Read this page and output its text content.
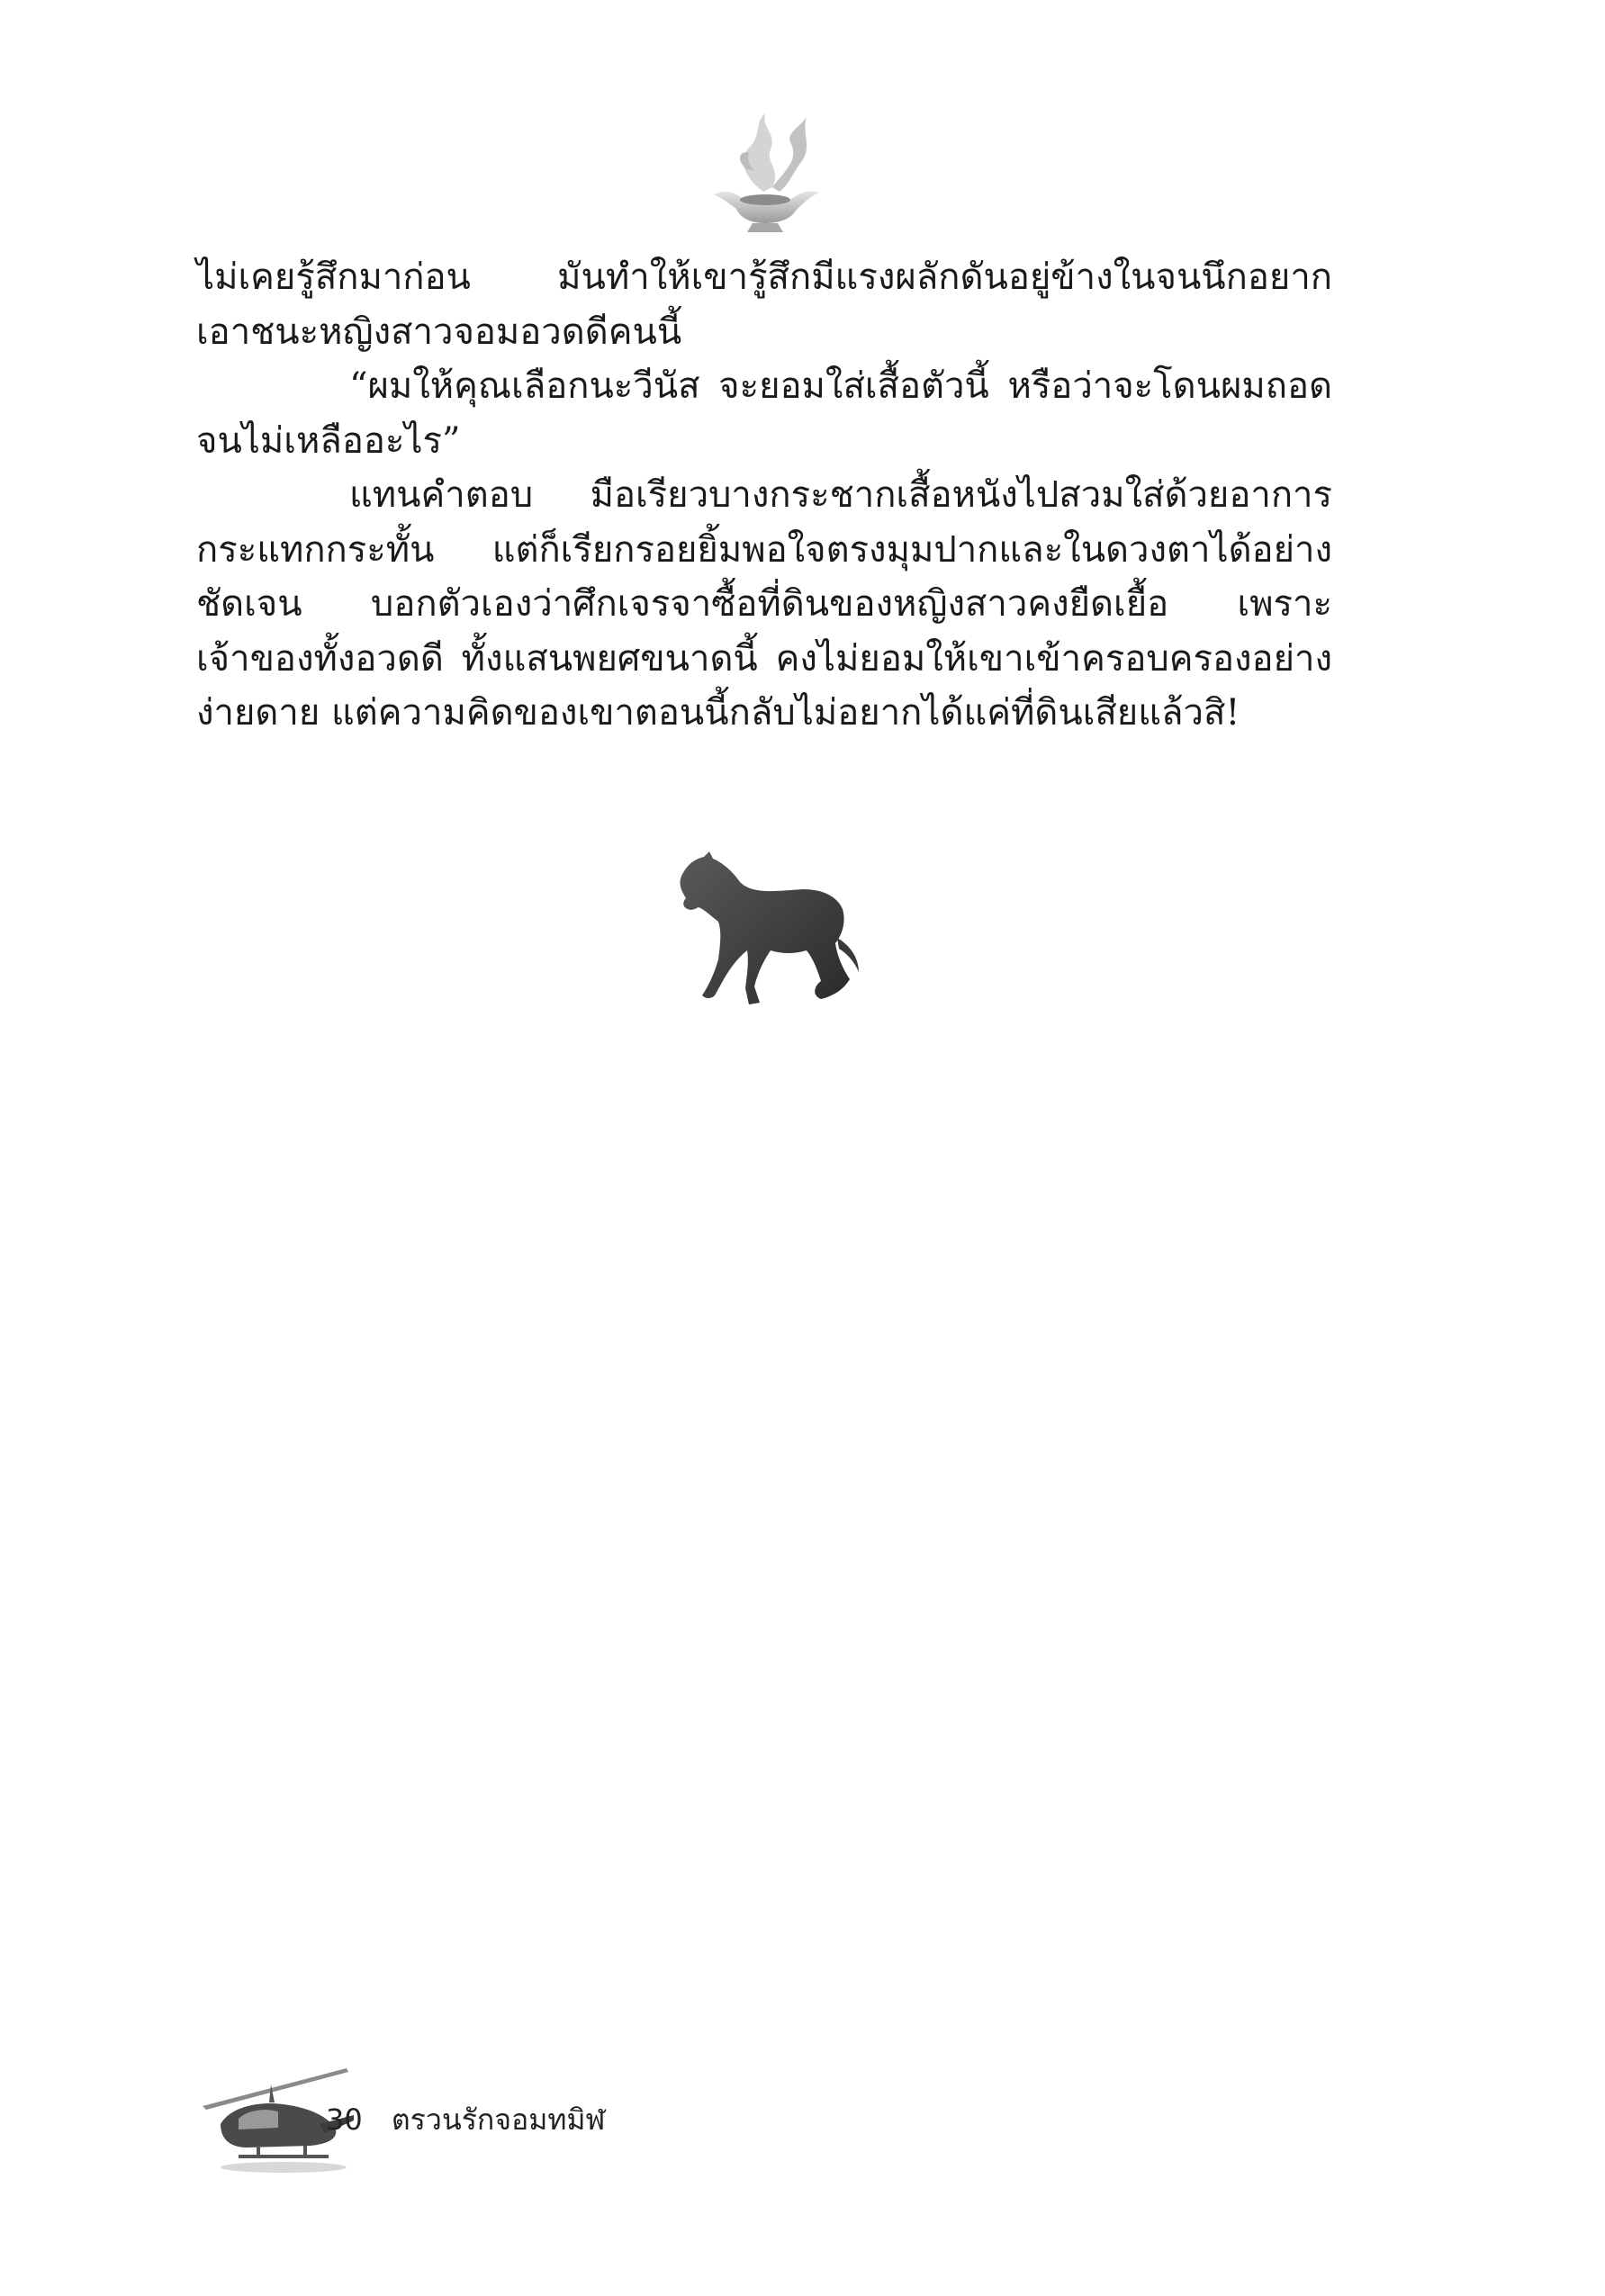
ไม่เคยรู้สึกมาก่อน มันทำให้เขารู้สึกมีแรงผลักดันอยู่ข้างในจนนึกอยากเอาชนะหญิงสาวจอมอวดดีคนนี้

“ผมให้คุณเลือกนะวีนัส จะยอมใส่เสื้อตัวนี้ หรือว่าจะโดนผมถอดจนไม่เหลืออะไร”

แทนคำตอบ มือเรียวบางกระชากเสื้อหนังไปสวมใส่ด้วยอาการกระแทกกระทั้น แต่ก็เรียกรอยยิ้มพอใจตรงมุมปากและในดวงตาได้อย่างชัดเจน บอกตัวเองว่าศึกเจรจาซื้อที่ดินของหญิงสาวคงยืดเยื้อ เพราะเจ้าของทั้งอวดดี ทั้งแสนพยศขนาดนี้ คงไม่ยอมให้เขาเข้าครอบครองอย่างง่ายดาย แต่ความคิดของเขาตอนนี้กลับไม่อยากได้แค่ที่ดินเสียแล้วสิ!

30 ตรวนรักจอมทมิฬ
